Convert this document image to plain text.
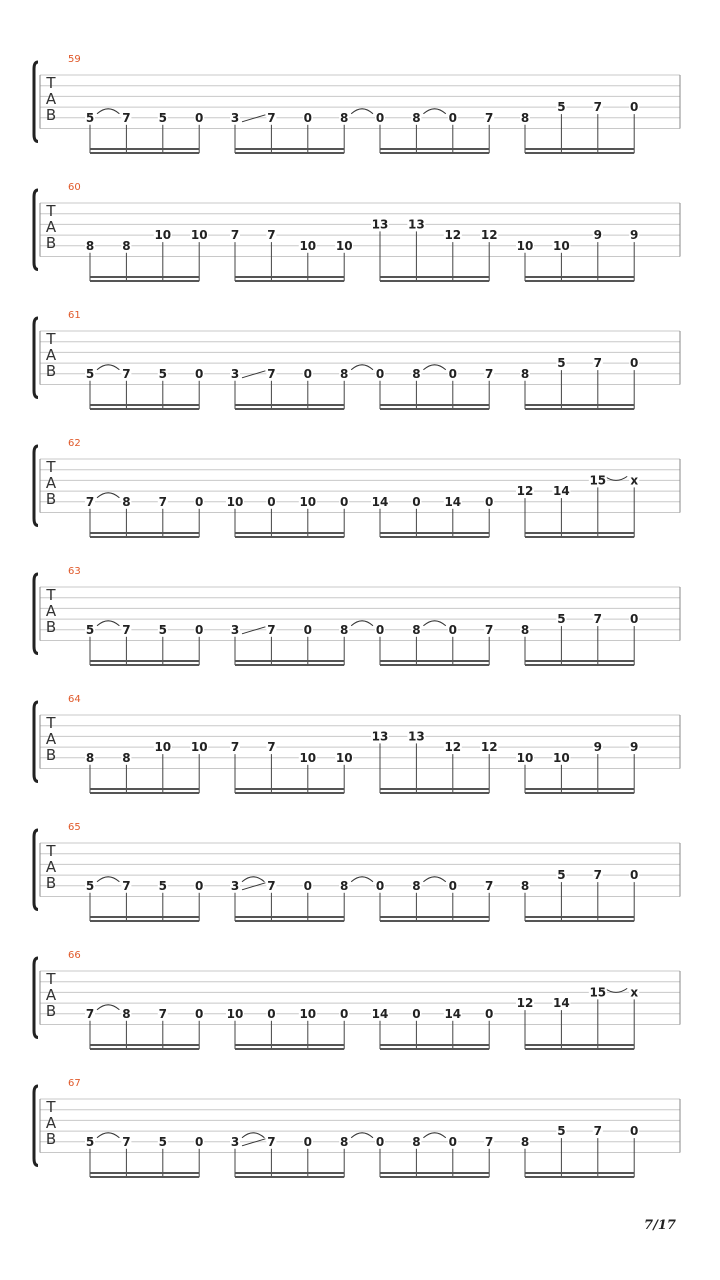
59
T
A
B 5 7 5 0 3 7 0 8 0 8 0 7 8
5 7 0
60
T
A
B 8 8
10 10 7 7
10 10
13 13
12 12
10 10
9 9
61
T
A
B 5 7 5 0 3 7 0 8 0 8 0 7 8
5 7 0
62
T
A
B 7 8 7 0 10 0 10 0 14 0 14 0
12 14
15 x
63
T
A
B 5 7 5 0 3 7 0 8 0 8 0 7 8
5 7 0
64
T
A
B 8 8
10 10 7 7
10 10
13 13
12 12
10 10
9 9
65
T
A
B 5 7 5 0 3 7 0 8 0 8 0 7 8
5 7 0
66
T
A
B 7 8 7 0 10 0 10 0 14 0 14 0
12 14
15 x
67
T
A
B 5 7 5 0 3 7 0 8 0 8 0 7 8
5 7 0
7/17
